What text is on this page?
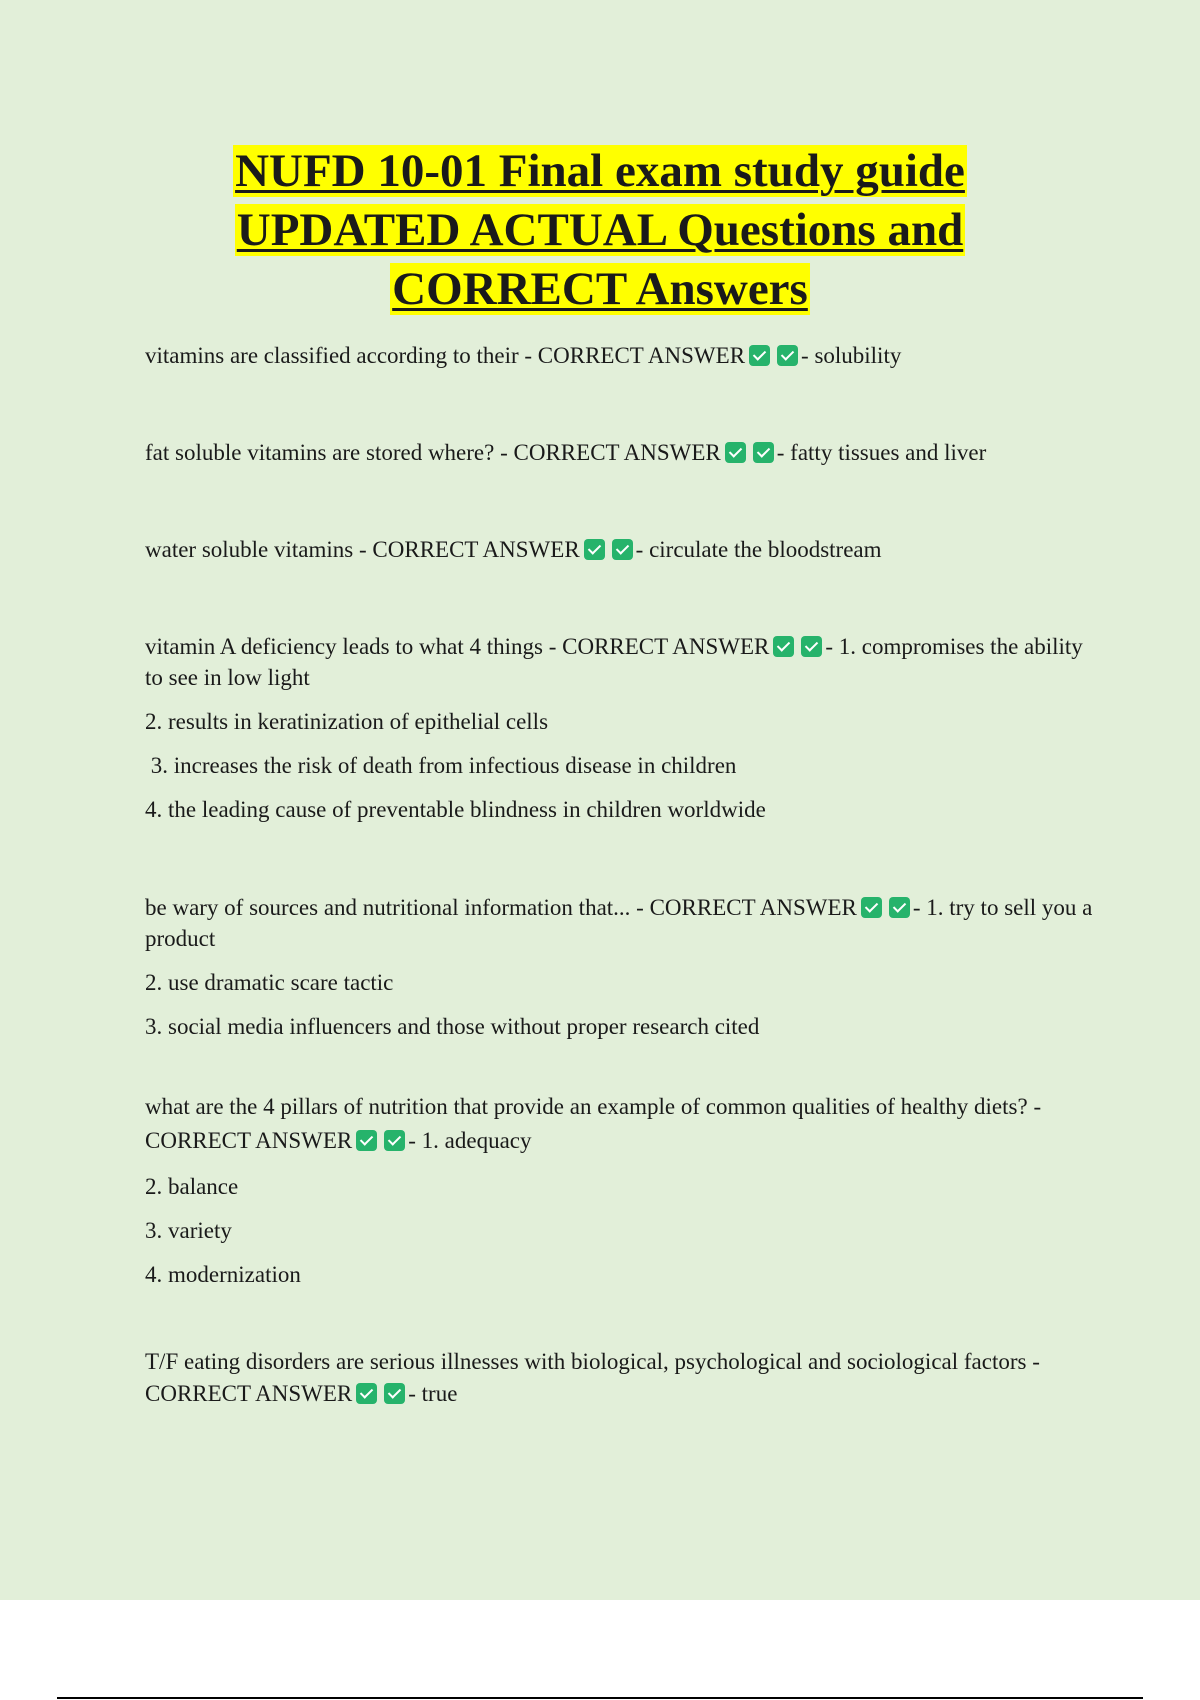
NUFD 10-01 Final exam study guide
UPDATED ACTUAL Questions and
CORRECT Answers

vitamins are classified according to their - CORRECT ANSWER - solubility

fat soluble vitamins are stored where? - CORRECT ANSWER - fatty tissues and liver

water soluble vitamins - CORRECT ANSWER - circulate the bloodstream

vitamin A deficiency leads to what 4 things - CORRECT ANSWER - 1. compromises the ability to see in low light

2. results in keratinization of epithelial cells

3. increases the risk of death from infectious disease in children

4. the leading cause of preventable blindness in children worldwide

be wary of sources and nutritional information that... - CORRECT ANSWER - 1. try to sell you a product

2. use dramatic scare tactic

3. social media influencers and those without proper research cited

what are the 4 pillars of nutrition that provide an example of common qualities of healthy diets? - CORRECT ANSWER - 1. adequacy

2. balance

3. variety

4. modernization

T/F eating disorders are serious illnesses with biological, psychological and sociological factors - CORRECT ANSWER - true
